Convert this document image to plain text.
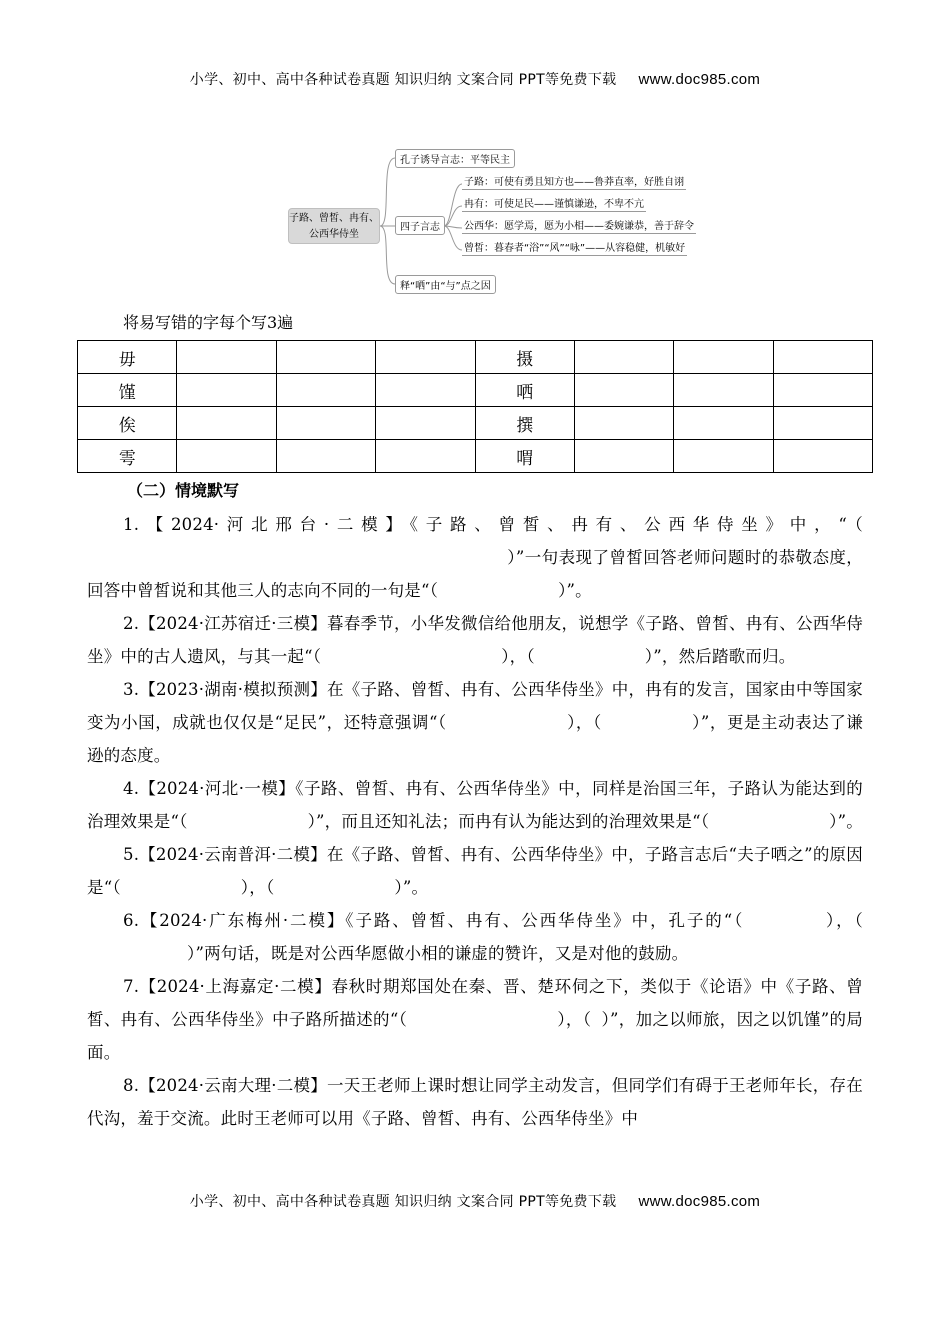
小学、初中、高中各种试卷真题 知识归纳 文案合同 PPT等免费下载 www.doc985.com
子路、曾皙、冉有、
公西华侍坐
孔子诱导言志：平等民主
四子言志
释“哂”由“与”点之因
子路：可使有勇且知方也——鲁莽直率，好胜自诩
冉有：可使足民——谨慎谦逊，不卑不亢
公西华：愿学焉，愿为小相——委婉谦恭，善于辞令
曾皙：暮春者“浴”“风”“咏”——从容稳健，机敏好
将易写错的字每个写3遍
毋				摄			
馑				哂			
俟				撰			
雩				喟			
（二）情境默写

1.【2024·河北邢台·二模】《子路、曾皙、冉有、公西华侍坐》中，“（）”一句表现了曾皙回答老师问题时的恭敬态度，回答中曾皙说和其他三人的志向不同的一句是“（	）”。

2.【2024·江苏宿迁·三模】暮春季节，小华发微信给他朋友，说想学《子路、曾皙、冉有、公西华侍坐》中的古人遗风，与其一起“（	），（	）”，然后踏歌而归。

3.【2023·湖南·模拟预测】在《子路、曾皙、冉有、公西华侍坐》中，冉有的发言，国家由中等国家变为小国，成就也仅仅是“足民”，还特意强调“（	），（	）”，更是主动表达了谦逊的态度。

4.【2024·河北·一模】《子路、曾皙、冉有、公西华侍坐》中，同样是治国三年，子路认为能达到的治理效果是“（	）”，而且还知礼法；而冉有认为能达到的治理效果是“（	）”。

5.【2024·云南普洱·二模】在《子路、曾皙、冉有、公西华侍坐》中，子路言志后“夫子哂之”的原因是“（	），（	）”。

6.【2024·广东梅州·二模】《子路、曾皙、冉有、公西华侍坐》中，孔子的“（	），（）”两句话，既是对公西华愿做小相的谦虚的赞许，又是对他的鼓励。

7.【2024·上海嘉定·二模】春秋时期郑国处在秦、晋、楚环伺之下，类似于《论语》中《子路、曾皙、冉有、公西华侍坐》中子路所描述的“（	），（ ）”，加之以师旅，因之以饥馑”的局面。

8.【2024·云南大理·二模】一天王老师上课时想让同学主动发言，但同学们有碍于王老师年长，存在代沟，羞于交流。此时王老师可以用《子路、曾皙、冉有、公西华侍坐》中

小学、初中、高中各种试卷真题 知识归纳 文案合同 PPT等免费下载 www.doc985.com
